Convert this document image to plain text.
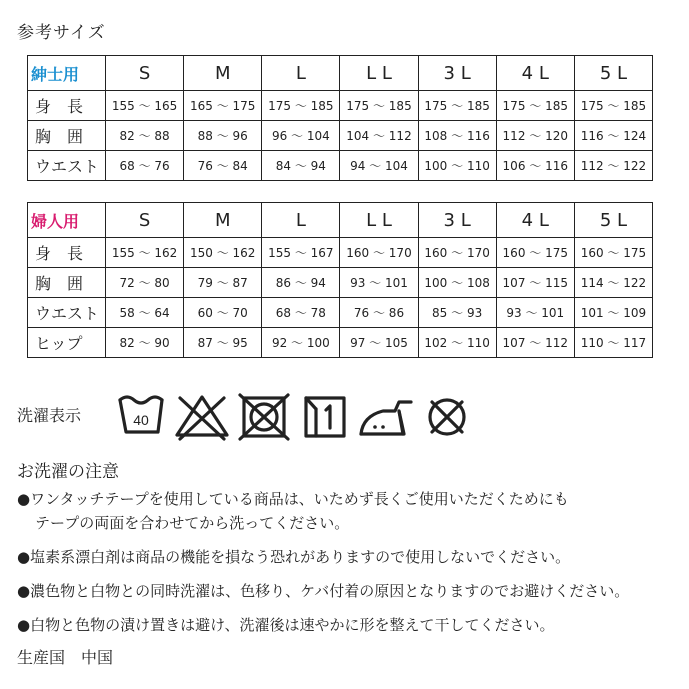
参考サイズ
紳士用	S	M	L	L L	3 L	4 L	5 L
身　長	155 ～ 165	165 ～ 175	175 ～ 185	175 ～ 185	175 ～ 185	175 ～ 185	175 ～ 185
胸　囲	82 ～ 88	88 ～ 96	96 ～ 104	104 ～ 112	108 ～ 116	112 ～ 120	116 ～ 124
ウエスト	68 ～ 76	76 ～ 84	84 ～ 94	94 ～ 104	100 ～ 110	106 ～ 116	112 ～ 122
婦人用	S	M	L	L L	3 L	4 L	5 L
身　長	155 ～ 162	150 ～ 162	155 ～ 167	160 ～ 170	160 ～ 170	160 ～ 175	160 ～ 175
胸　囲	72 ～ 80	79 ～ 87	86 ～ 94	93 ～ 101	100 ～ 108	107 ～ 115	114 ～ 122
ウエスト	58 ～ 64	60 ～ 70	68 ～ 78	76 ～ 86	85 ～ 93	93 ～ 101	101 ～ 109
ヒップ	82 ～ 90	87 ～ 95	92 ～ 100	97 ～ 105	102 ～ 110	107 ～ 112	110 ～ 117
洗濯表示	40
お洗濯の注意
●ワンタッチテープを使用している商品は、いためず長くご使用いただくためにも
テープの両面を合わせてから洗ってください。
●塩素系漂白剤は商品の機能を損なう恐れがありますので使用しないでください。
●濃色物と白物との同時洗濯は、色移り、ケバ付着の原因となりますのでお避けください。
●白物と色物の漬け置きは避け、洗濯後は速やかに形を整えて干してください。
生産国　中国
